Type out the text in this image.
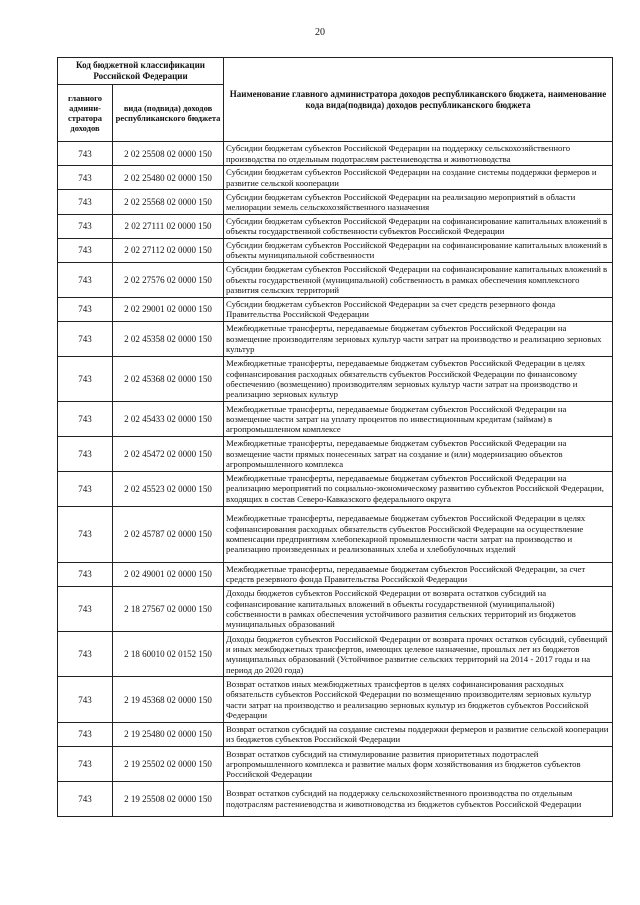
20
Код бюджетной классификации Российской Федерации		Наименование главного администратора доходов республиканского бюджета, наименование кода вида(подвида) доходов республиканского бюджета
главного админи-стратора доходов	вида (подвида) доходов республиканского бюджета	
743	2 02 25508 02 0000 150	Субсидии бюджетам субъектов Российской Федерации на поддержку сельскохозяйственного производства по отдельным подотраслям растениеводства и животноводства
743	2 02 25480 02 0000 150	Субсидии бюджетам субъектов Российской Федерации на создание системы поддержки фермеров и развитие сельской кооперации
743	2 02 25568 02 0000 150	Субсидии бюджетам субъектов Российской Федерации на реализацию мероприятий в области мелиорации земель сельскохозяйственного назначения
743	2 02 27111 02 0000 150	Субсидии бюджетам субъектов Российской Федерации на софинансирование капитальных вложений в объекты государственной собственности субъектов Российской Федерации
743	2 02 27112 02 0000 150	Субсидии бюджетам субъектов Российской Федерации на софинансирование капитальных вложений в объекты муниципальной собственности
743	2 02 27576 02 0000 150	Субсидии бюджетам субъектов Российской Федерации на софинансирование капитальных вложений в объекты государственной (муниципальной) собственность в рамках обеспечения комплексного развития сельских территорий
743	2 02 29001 02 0000 150	Субсидии бюджетам субъектов Российской Федерации за счет средств резервного фонда Правительства Российской Федерации
743	2 02 45358 02 0000 150	Межбюджетные трансферты, передаваемые бюджетам субъектов Российской Федерации на возмещение производителям зерновых культур части затрат на производство и реализацию зерновых культур
743	2 02 45368 02 0000 150	Межбюджетные трансферты, передаваемые бюджетам субъектов Российской Федерации в целях софинансирования расходных обязательств субъектов Российской Федерации по финансовому обеспечению (возмещению) производителям зерновых культур части затрат на производство и реализацию зерновых культур
743	2 02 45433 02 0000 150	Межбюджетные трансферты, передаваемые бюджетам субъектов Российской Федерации на возмещение части затрат на уплату процентов по инвестиционным кредитам (займам) в агропромышленном комплексе
743	2 02 45472 02 0000 150	Межбюджетные трансферты, передаваемые бюджетам субъектов Российской Федерации на возмещение части прямых понесенных затрат на создание и (или) модернизацию объектов агропромышленного комплекса
743	2 02 45523 02 0000 150	Межбюджетные трансферты, передаваемые бюджетам субъектов Российской Федерации на реализацию мероприятий по социально-экономическому развитию субъектов Российской Федерации, входящих в состав Северо-Кавказского федерального округа
743	2 02 45787 02 0000 150	Межбюджетные трансферты, передаваемые бюджетам субъектов Российской Федерации в целях софинансирования расходных обязательств субъектов Российской Федерации на осуществление компенсации предприятиям хлебопекарной промышленности части затрат на производство и реализацию произведенных и реализованных хлеба и хлебобулочных изделий
743	2 02 49001 02 0000 150	Межбюджетные трансферты, передаваемые бюджетам субъектов Российской Федерации, за счет средств резервного фонда Правительства Российской Федерации
743	2 18 27567 02 0000 150	Доходы бюджетов субъектов Российской Федерации от возврата остатков субсидий на софинансирование капитальных вложений в объекты государственной (муниципальной) собственности в рамках обеспечения устойчивого развития сельских территорий из бюджетов муниципальных образований
743	2 18 60010 02 0152 150	Доходы бюджетов субъектов Российской Федерации от возврата прочих остатков субсидий, субвенций и иных межбюджетных трансфертов, имеющих целевое назначение, прошлых лет из бюджетов муниципальных образований (Устойчивое развитие сельских территорий на 2014 - 2017 годы и на период до 2020 года)
743	2 19 45368 02 0000 150	Возврат остатков иных межбюджетных трансфертов в целях софинансирования расходных обязательств субъектов Российской Федерации по возмещению производителям зерновых культур части затрат на производство и реализацию зерновых культур из бюджетов субъектов Российской Федерации
743	2 19 25480 02 0000 150	Возврат остатков субсидий на создание системы поддержки фермеров и развитие сельской кооперации из бюджетов субъектов Российской Федерации
743	2 19 25502 02 0000 150	Возврат остатков субсидий на стимулирование развития приоритетных подотраслей агропромышленного комплекса и развитие малых форм хозяйствования из бюджетов субъектов Российской Федерации
743	2 19 25508 02 0000 150	Возврат остатков субсидий на поддержку сельскохозяйственного производства по отдельным подотраслям растениеводства и животноводства из бюджетов субъектов Российской Федерации
